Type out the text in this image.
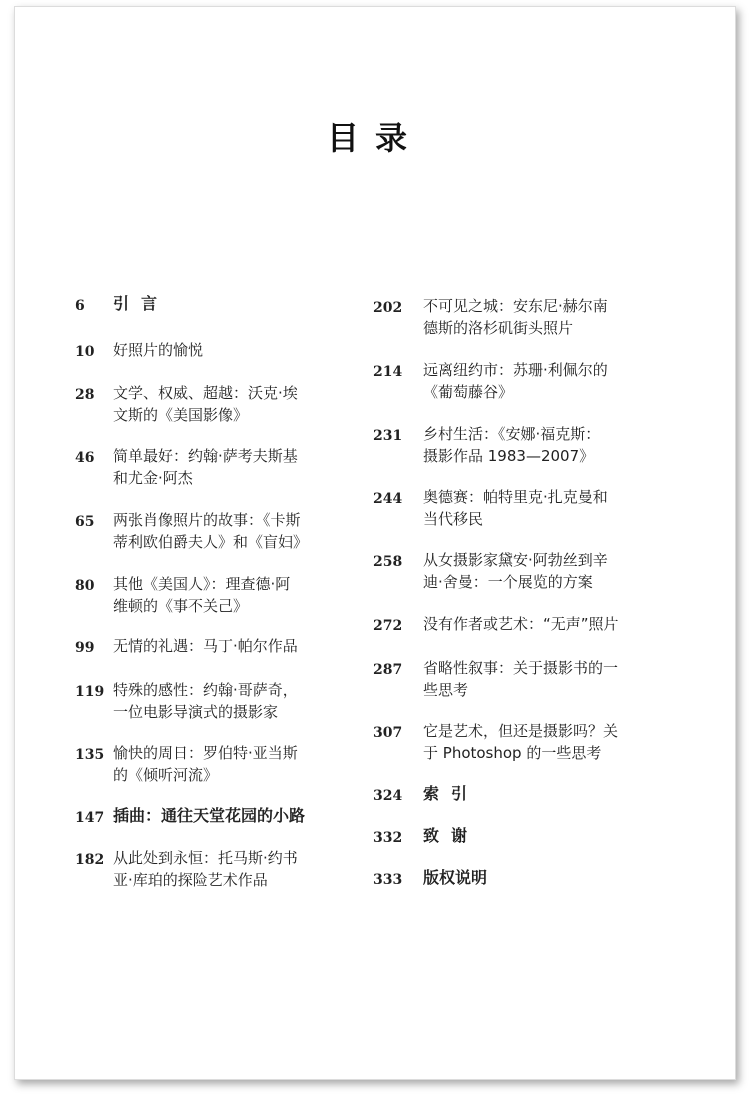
目录
6	引言
10	好照片的愉悦
28	文学、权威、超越：沃克·埃
文斯的《美国影像》
46	简单最好：约翰·萨考夫斯基
和尤金·阿杰
65	两张肖像照片的故事：《卡斯
蒂利欧伯爵夫人》和《盲妇》
80	其他《美国人》：理查德·阿
维顿的《事不关己》
99	无情的礼遇：马丁·帕尔作品
119 特殊的感性：约翰·哥萨奇，
一位电影导演式的摄影家
135 愉快的周日：罗伯特·亚当斯
的《倾听河流》
147 插曲：通往天堂花园的小路
182 从此处到永恒：托马斯·约书
亚·库珀的探险艺术作品
202	不可见之城：安东尼·赫尔南
德斯的洛杉矶街头照片
214	远离纽约市：苏珊·利佩尔的
《葡萄藤谷》
231	乡村生活：《安娜·福克斯：
摄影作品 1983—2007》
244	奥德赛：帕特里克·扎克曼和
当代移民
258	从女摄影家黛安·阿勃丝到辛
迪·舍曼：一个展览的方案
272	没有作者或艺术：“无声”照片
287	省略性叙事：关于摄影书的一
些思考
307	它是艺术，但还是摄影吗？关
于 Photoshop 的一些思考
324	索引
332	致谢
333	版权说明
